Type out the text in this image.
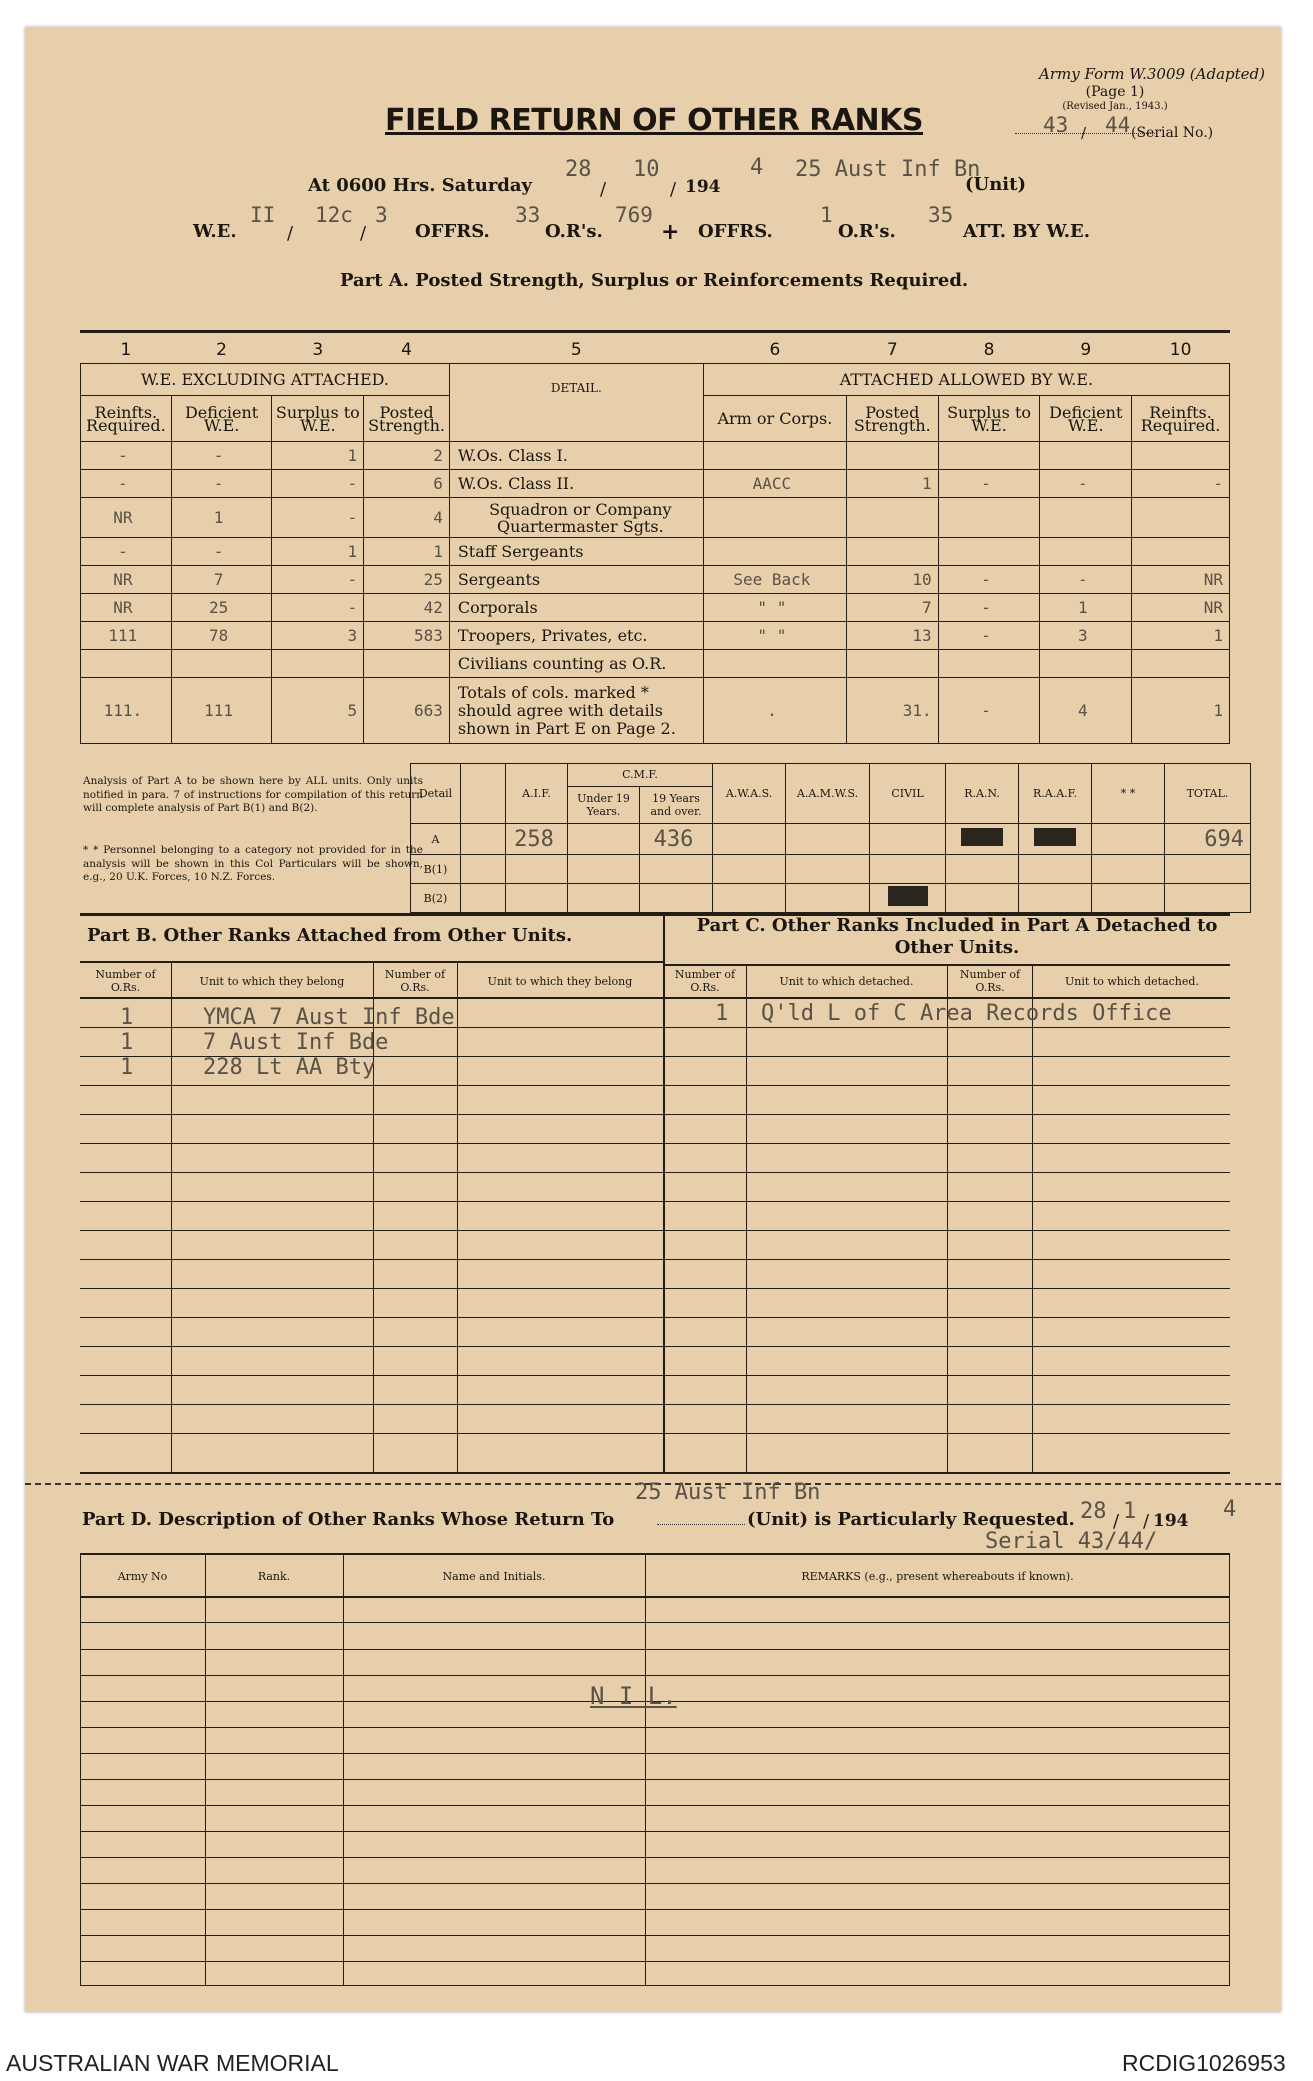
Army Form W.3009 (Adapted)
(Page 1)
(Revised Jan., 1943.)
43 44
/	(Serial No.)
FIELD RETURN OF OTHER RANKS
At 0600 Hrs. Saturday
28
/
10
/ 194
4 25 Aust Inf Bn
(Unit)
W.E.
II
/
12c
/
3
OFFRS.
33
O.R's.
769
+ OFFRS.
1
O.R's.
35
ATT. BY W.E.
Part A. Posted Strength, Surplus or Reinforcements Required.
1	2	3	4	5	6	7	8	9	10
W.E. EXCLUDING ATTACHED.				DETAIL.	ATTACHED ALLOWED BY W.E.				
Reinfts. Required.	Deficient W.E.	Surplus to W.E.	Posted Strength.		Arm or Corps.	Posted Strength.	Surplus to W.E.	Deficient W.E.	Reinfts. Required.
-	-	1	2	W.Os. Class I.					
-	-	-	6	W.Os. Class II.	AACC	1	-	-	-
NR	1	-	4	Squadron or Company Quartermaster Sgts.					
-	-	1	1	Staff Sergeants					
NR	7	-	25	Sergeants	See Back	10	-	-	NR
NR	25	-	42	Corporals	" "	7	-	1	NR
111	78	3	583	Troopers, Privates, etc.	" "	13	-	3	1
				Civilians counting as O.R.					
111.	111	5	663	Totals of cols. marked * should agree with details shown in Part E on Page 2.	.	31.	-	4	1
Analysis of Part A to be shown here by ALL units. Only units notified in para. 7 of instructions for compilation of this return will complete analysis of Part B(1) and B(2).
* * Personnel belonging to a category not provided for in the analysis will be shown in this Col Particulars will be shown, e.g., 20 U.K. Forces, 10 N.Z. Forces.
Detail		A.I.F.	C.M.F.		A.W.A.S.	A.A.M.W.S.	CIVIL	R.A.N.	R.A.A.F.	* *	TOTAL.
			Under 19 Years.	19 Years and over.							
A		258		436							694
B(1)											
B(2)											
Part B. Other Ranks Attached from Other Units.	Part C. Other Ranks Included in Part A Detached to Other Units.
Number of O.Rs.	Unit to which they belong
Number of O.Rs.	Unit to which they belong
Number of O.Rs.	Unit to which detached.
Number of O.Rs.	Unit to which detached.
1	YMCA 7 Aust Inf Bde
1	7 Aust Inf Bde
1	228 Lt AA Bty
1 Q'ld L of C Area Records Office
25 Aust Inf Bn
Part D. Description of Other Ranks Whose Return To	(Unit) is Particularly Requested. 28 / 1 / 194 4
Serial 43/44/
Army No	Rank.	Name and Initials.	REMARKS (e.g., present whereabouts if known).
N I L.
AUSTRALIAN WAR MEMORIAL	RCDIG1026953
